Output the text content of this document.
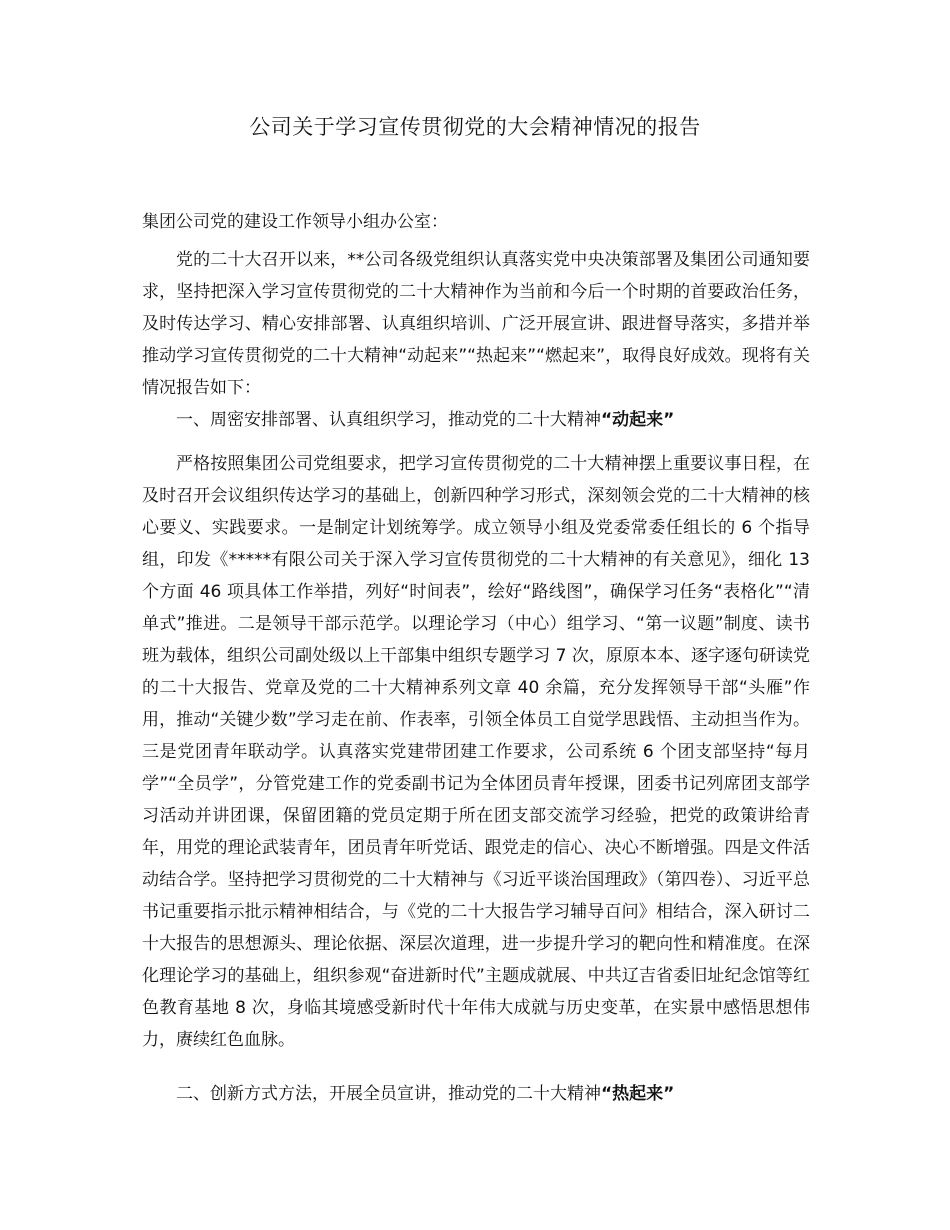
公司关于学习宣传贯彻党的大会精神情况的报告
集团公司党的建设工作领导小组办公室：

党的二十大召开以来，**公司各级党组织认真落实党中央决策部署及集团公司通知要求，坚持把深入学习宣传贯彻党的二十大精神作为当前和今后一个时期的首要政治任务，及时传达学习、精心安排部署、认真组织培训、广泛开展宣讲、跟进督导落实，多措并举推动学习宣传贯彻党的二十大精神“动起来”“热起来”“燃起来”，取得良好成效。现将有关情况报告如下：

一、周密安排部署、认真组织学习，推动党的二十大精神“动起来”

严格按照集团公司党组要求，把学习宣传贯彻党的二十大精神摆上重要议事日程，在及时召开会议组织传达学习的基础上，创新四种学习形式，深刻领会党的二十大精神的核心要义、实践要求。一是制定计划统筹学。成立领导小组及党委常委任组长的 6 个指导组，印发《*****有限公司关于深入学习宣传贯彻党的二十大精神的有关意见》，细化 13 个方面 46 项具体工作举措，列好“时间表”，绘好“路线图”，确保学习任务“表格化”“清单式”推进。二是领导干部示范学。以理论学习（中心）组学习、“第一议题”制度、读书班为载体，组织公司副处级以上干部集中组织专题学习 7 次，原原本本、逐字逐句研读党的二十大报告、党章及党的二十大精神系列文章 40 余篇，充分发挥领导干部“头雁”作用，推动“关键少数”学习走在前、作表率，引领全体员工自觉学思践悟、主动担当作为。三是党团青年联动学。认真落实党建带团建工作要求，公司系统 6 个团支部坚持“每月学”“全员学”，分管党建工作的党委副书记为全体团员青年授课，团委书记列席团支部学习活动并讲团课，保留团籍的党员定期于所在团支部交流学习经验，把党的政策讲给青年，用党的理论武装青年，团员青年听党话、跟党走的信心、决心不断增强。四是文件活动结合学。坚持把学习贯彻党的二十大精神与《习近平谈治国理政》（第四卷）、习近平总书记重要指示批示精神相结合，与《党的二十大报告学习辅导百问》相结合，深入研讨二十大报告的思想源头、理论依据、深层次道理，进一步提升学习的靶向性和精准度。在深化理论学习的基础上，组织参观“奋进新时代”主题成就展、中共辽吉省委旧址纪念馆等红色教育基地 8 次，身临其境感受新时代十年伟大成就与历史变革，在实景中感悟思想伟力，赓续红色血脉。

二、创新方式方法，开展全员宣讲，推动党的二十大精神“热起来”
